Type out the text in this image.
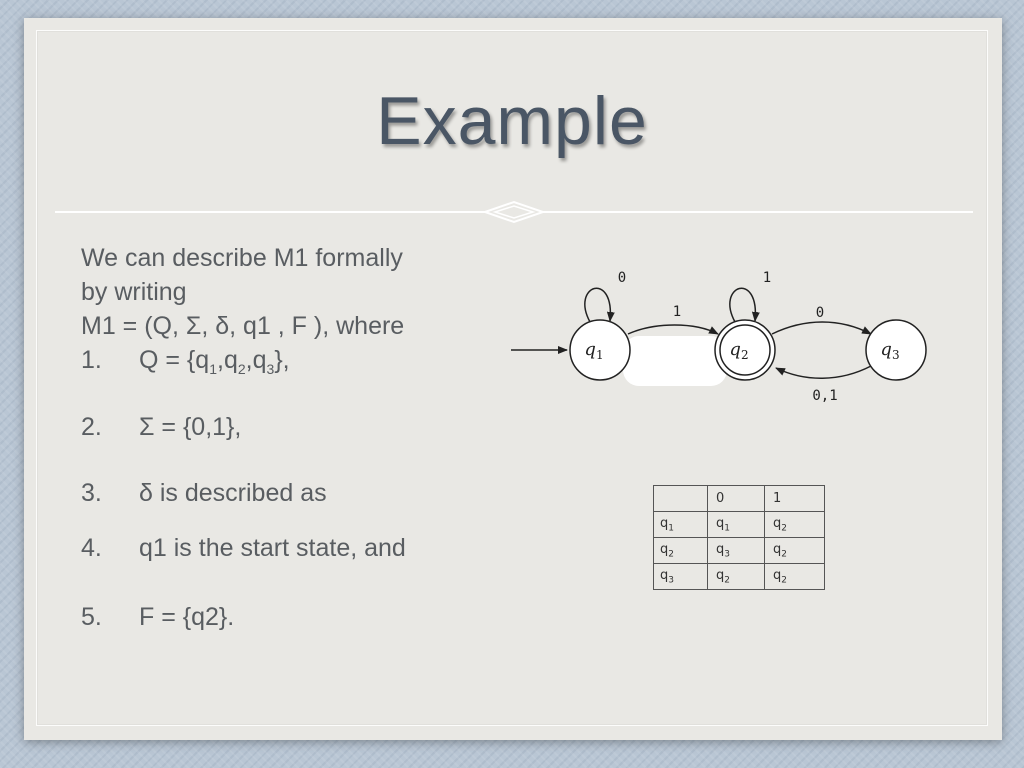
Example
We can describe M1 formally
by writing
M1 = (Q, Σ, δ, q1 , F ), where
1. $Q = \{q_1,q_2,q_3\}$,
2. Σ = {0,1},
3. δ is described as
4. q1 is the start state, and
5. F = {q2}.
0
1
1
0
0,1
$q_1$	$q_2$	$q_3$
	0	1
$q_1$	$q_1$	$q_2$
$q_2$	$q_3$	$q_2$
$q_3$	$q_2$	$q_2$
